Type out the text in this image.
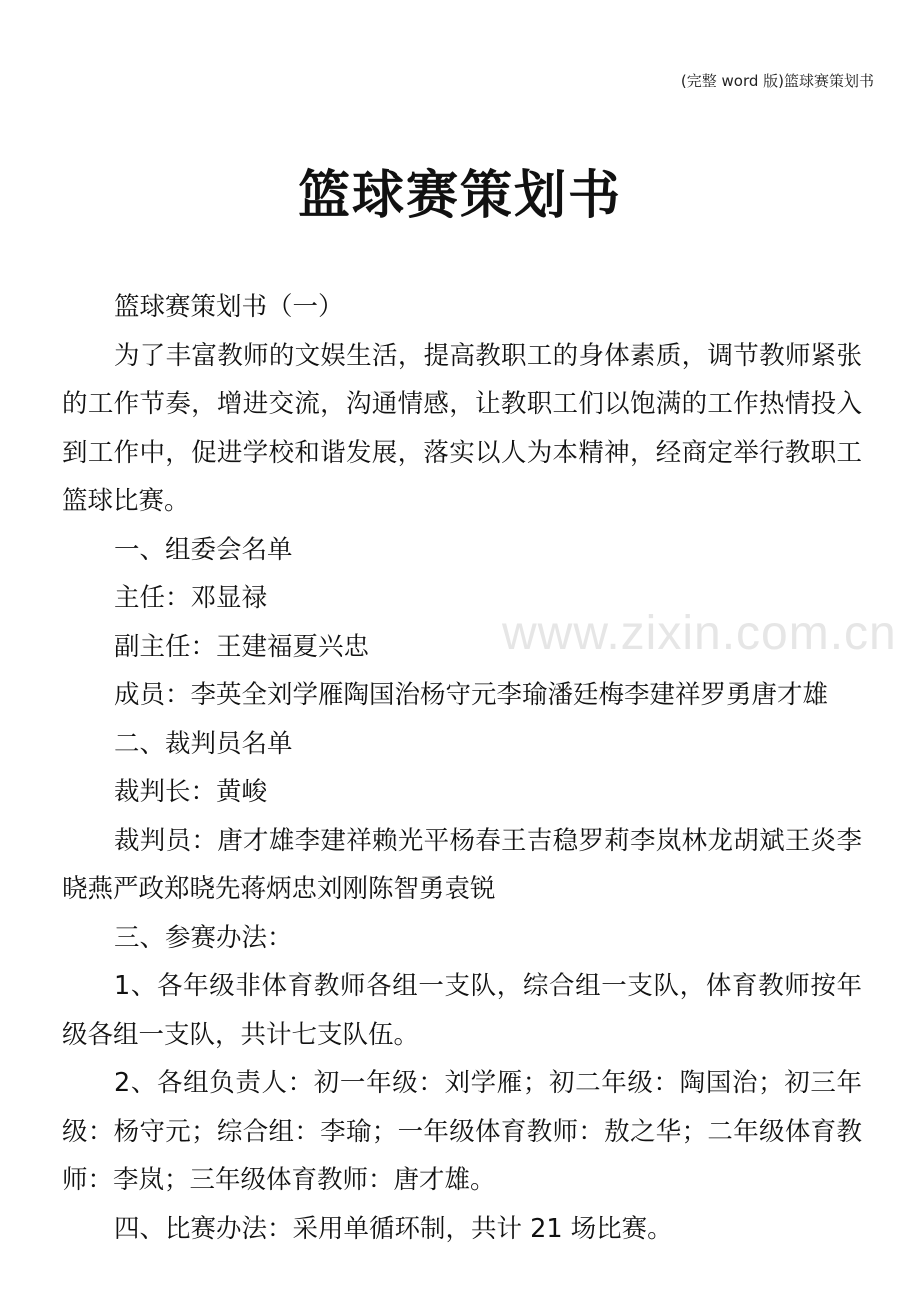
(完整 word 版)篮球赛策划书
篮球赛策划书
www.zixin.com.cn

篮球赛策划书（一）

为了丰富教师的文娱生活，提高教职工的身体素质，调节教师紧张的工作节奏，增进交流，沟通情感，让教职工们以饱满的工作热情投入到工作中，促进学校和谐发展，落实以人为本精神，经商定举行教职工篮球比赛。

一、组委会名单

主任：邓显禄

副主任：王建福夏兴忠

成员：李英全刘学雁陶国治杨守元李瑜潘廷梅李建祥罗勇唐才雄

二、裁判员名单

裁判长：黄峻

裁判员：唐才雄李建祥赖光平杨春王吉稳罗莉李岚林龙胡斌王炎李晓燕严政郑晓先蒋炳忠刘刚陈智勇袁锐

三、参赛办法：

1、各年级非体育教师各组一支队，综合组一支队，体育教师按年级各组一支队，共计七支队伍。

2、各组负责人：初一年级：刘学雁；初二年级：陶国治；初三年级：杨守元；综合组：李瑜；一年级体育教师：敖之华；二年级体育教师：李岚；三年级体育教师：唐才雄。

四、比赛办法：采用单循环制，共计 21 场比赛。
